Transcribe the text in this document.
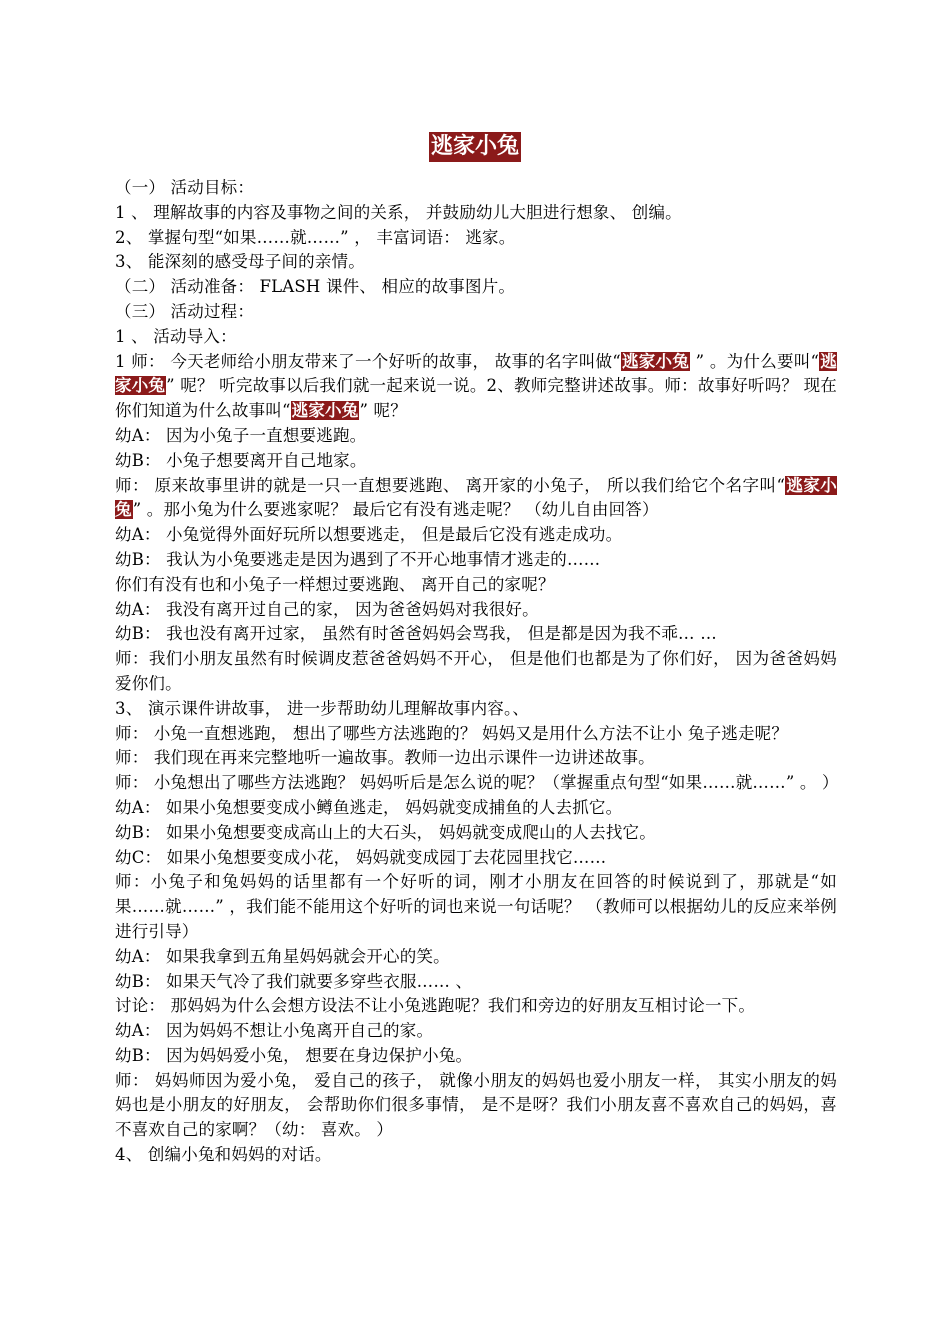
逃家小兔

（一） 活动目标：

1 、 理解故事的内容及事物之间的关系， 并鼓励幼儿大胆进行想象、 创编。

2、 掌握句型“如果……就……” ， 丰富词语： 逃家。

3、 能深刻的感受母子间的亲情。

（二） 活动准备： FLASH 课件、 相应的故事图片。

（三） 活动过程：

1 、 活动导入：

1 师： 今天老师给小朋友带来了一个好听的故事， 故事的名字叫做“逃家小兔 ” 。为什么要叫“逃家小兔” 呢？ 听完故事以后我们就一起来说一说。2、教师完整讲述故事。师：故事好听吗？ 现在你们知道为什么故事叫“逃家小兔” 呢？

幼A： 因为小兔子一直想要逃跑。

幼B： 小兔子想要离开自己地家。

师： 原来故事里讲的就是一只一直想要逃跑、 离开家的小兔子， 所以我们给它个名字叫“逃家小兔” 。那小兔为什么要逃家呢？ 最后它有没有逃走呢？ （幼儿自由回答）

幼A： 小兔觉得外面好玩所以想要逃走， 但是最后它没有逃走成功。

幼B： 我认为小兔要逃走是因为遇到了不开心地事情才逃走的……

你们有没有也和小兔子一样想过要逃跑、 离开自己的家呢？

幼A： 我没有离开过自己的家， 因为爸爸妈妈对我很好。

幼B： 我也没有离开过家， 虽然有时爸爸妈妈会骂我， 但是都是因为我不乖… …

师：我们小朋友虽然有时候调皮惹爸爸妈妈不开心， 但是他们也都是为了你们好， 因为爸爸妈妈爱你们。

3、 演示课件讲故事， 进一步帮助幼儿理解故事内容。、

师： 小兔一直想逃跑， 想出了哪些方法逃跑的？ 妈妈又是用什么方法不让小 兔子逃走呢？

师： 我们现在再来完整地听一遍故事。教师一边出示课件一边讲述故事。

师： 小兔想出了哪些方法逃跑？ 妈妈听后是怎么说的呢？（掌握重点句型“如果……就……” 。 ）

幼A： 如果小兔想要变成小鳟鱼逃走， 妈妈就变成捕鱼的人去抓它。

幼B： 如果小兔想要变成高山上的大石头， 妈妈就变成爬山的人去找它。

幼C： 如果小兔想要变成小花， 妈妈就变成园丁去花园里找它……

师：小兔子和兔妈妈的话里都有一个好听的词，刚才小朋友在回答的时候说到了，那就是“如果……就……” ，我们能不能用这个好听的词也来说一句话呢？ （教师可以根据幼儿的反应来举例进行引导）

幼A： 如果我拿到五角星妈妈就会开心的笑。

幼B： 如果天气冷了我们就要多穿些衣服…… 、

讨论： 那妈妈为什么会想方设法不让小兔逃跑呢？我们和旁边的好朋友互相讨论一下。

幼A： 因为妈妈不想让小兔离开自己的家。

幼B： 因为妈妈爱小兔， 想要在身边保护小兔。

师： 妈妈师因为爱小兔， 爱自己的孩子， 就像小朋友的妈妈也爱小朋友一样， 其实小朋友的妈妈也是小朋友的好朋友， 会帮助你们很多事情， 是不是呀？我们小朋友喜不喜欢自己的妈妈，喜不喜欢自己的家啊？（幼： 喜欢。 ）

4、 创编小兔和妈妈的对话。
